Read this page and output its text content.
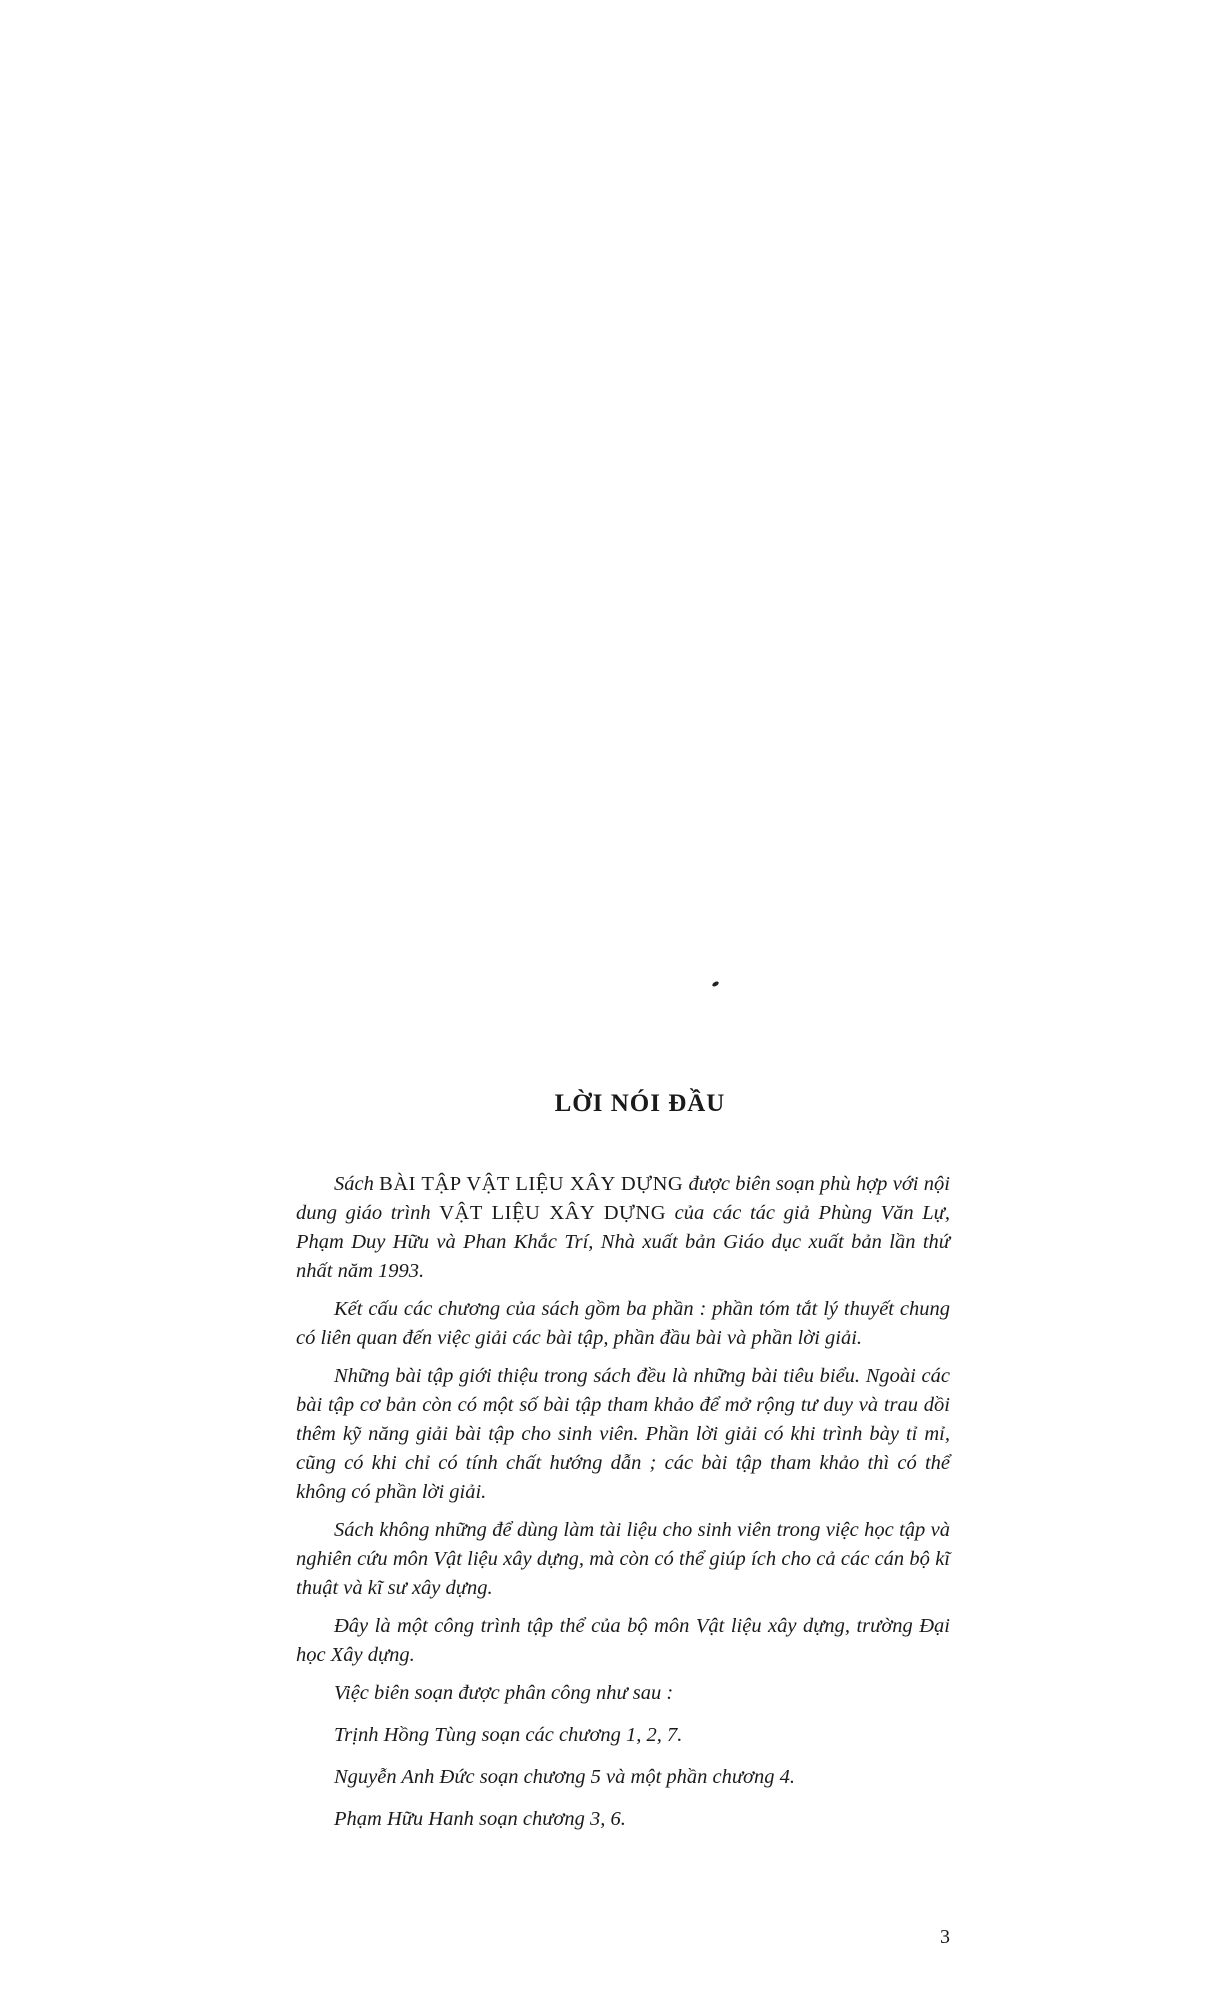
LỜI NÓI ĐẦU

Sách BÀI TẬP VẬT LIỆU XÂY DỰNG được biên soạn phù hợp với nội dung giáo trình VẬT LIỆU XÂY DỰNG của các tác giả Phùng Văn Lự, Phạm Duy Hữu và Phan Khắc Trí, Nhà xuất bản Giáo dục xuất bản lần thứ nhất năm 1993.

Kết cấu các chương của sách gồm ba phần : phần tóm tắt lý thuyết chung có liên quan đến việc giải các bài tập, phần đầu bài và phần lời giải.

Những bài tập giới thiệu trong sách đều là những bài tiêu biểu. Ngoài các bài tập cơ bản còn có một số bài tập tham khảo để mở rộng tư duy và trau dồi thêm kỹ năng giải bài tập cho sinh viên. Phần lời giải có khi trình bày tỉ mỉ, cũng có khi chỉ có tính chất hướng dẫn ; các bài tập tham khảo thì có thể không có phần lời giải.

Sách không những để dùng làm tài liệu cho sinh viên trong việc học tập và nghiên cứu môn Vật liệu xây dựng, mà còn có thể giúp ích cho cả các cán bộ kĩ thuật và kĩ sư xây dựng.

Đây là một công trình tập thể của bộ môn Vật liệu xây dựng, trường Đại học Xây dựng.

Việc biên soạn được phân công như sau :
Trịnh Hồng Tùng soạn các chương 1, 2, 7.
Nguyễn Anh Đức soạn chương 5 và một phần chương 4.
Phạm Hữu Hanh soạn chương 3, 6.
3
